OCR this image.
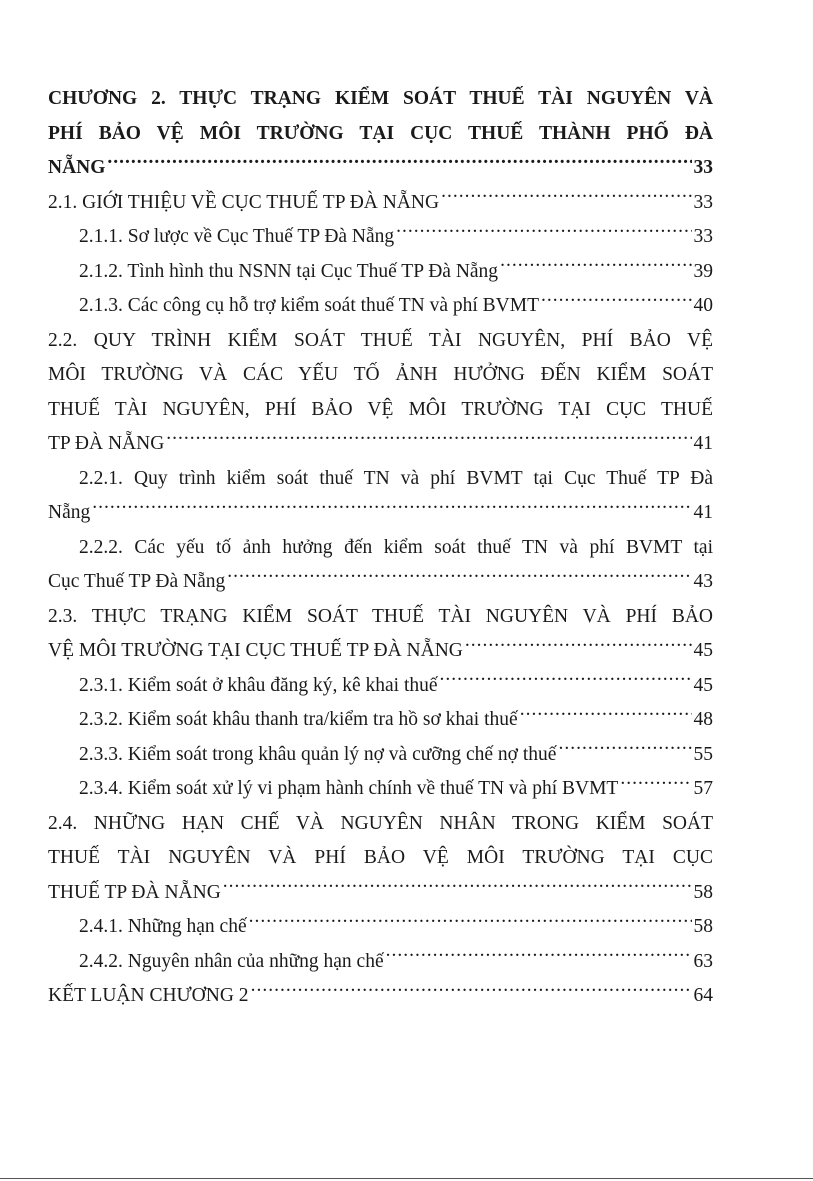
CHƯƠNG 2. THỰC TRẠNG KIỂM SOÁT THUẾ TÀI NGUYÊN VÀ
PHÍ BẢO VỆ MÔI TRƯỜNG TẠI CỤC THUẾ THÀNH PHỐ ĐÀ
NẴNG .....	33
2.1. GIỚI THIỆU VỀ CỤC THUẾ TP ĐÀ NẴNG .....	33
2.1.1. Sơ lược về Cục Thuế TP Đà Nẵng .....	33
2.1.2. Tình hình thu NSNN tại Cục Thuế TP Đà Nẵng .....	39
2.1.3. Các công cụ hỗ trợ kiểm soát thuế TN và phí BVMT .....	40
2.2. QUY TRÌNH KIỂM SOÁT THUẾ TÀI NGUYÊN, PHÍ BẢO VỆ
MÔI TRƯỜNG VÀ CÁC YẾU TỐ ẢNH HƯỞNG ĐẾN KIỂM SOÁT
THUẾ TÀI NGUYÊN, PHÍ BẢO VỆ MÔI TRƯỜNG TẠI CỤC THUẾ
TP ĐÀ NẴNG .....	41
2.2.1. Quy trình kiểm soát thuế TN và phí BVMT tại Cục Thuế TP Đà
Nẵng .....	41
2.2.2. Các yếu tố ảnh hưởng đến kiểm soát thuế TN và phí BVMT tại
Cục Thuế TP Đà Nẵng .....	43
2.3. THỰC TRẠNG KIỂM SOÁT THUẾ TÀI NGUYÊN VÀ PHÍ BẢO
VỆ MÔI TRƯỜNG TẠI CỤC THUẾ TP ĐÀ NẴNG .....	45
2.3.1. Kiểm soát ở khâu đăng ký, kê khai thuế .....	45
2.3.2. Kiểm soát khâu thanh tra/kiểm tra hồ sơ khai thuế .....	48
2.3.3. Kiểm soát trong khâu quản lý nợ và cưỡng chế nợ thuế .....	55
2.3.4. Kiểm soát xử lý vi phạm hành chính về thuế TN và phí BVMT .....	57
2.4. NHỮNG HẠN CHẾ VÀ NGUYÊN NHÂN TRONG KIỂM SOÁT
THUẾ TÀI NGUYÊN VÀ PHÍ BẢO VỆ MÔI TRƯỜNG TẠI CỤC
THUẾ TP ĐÀ NẴNG .....	58
2.4.1. Những hạn chế .....	58
2.4.2. Nguyên nhân của những hạn chế .....	63
KẾT LUẬN CHƯƠNG 2 .....	64
